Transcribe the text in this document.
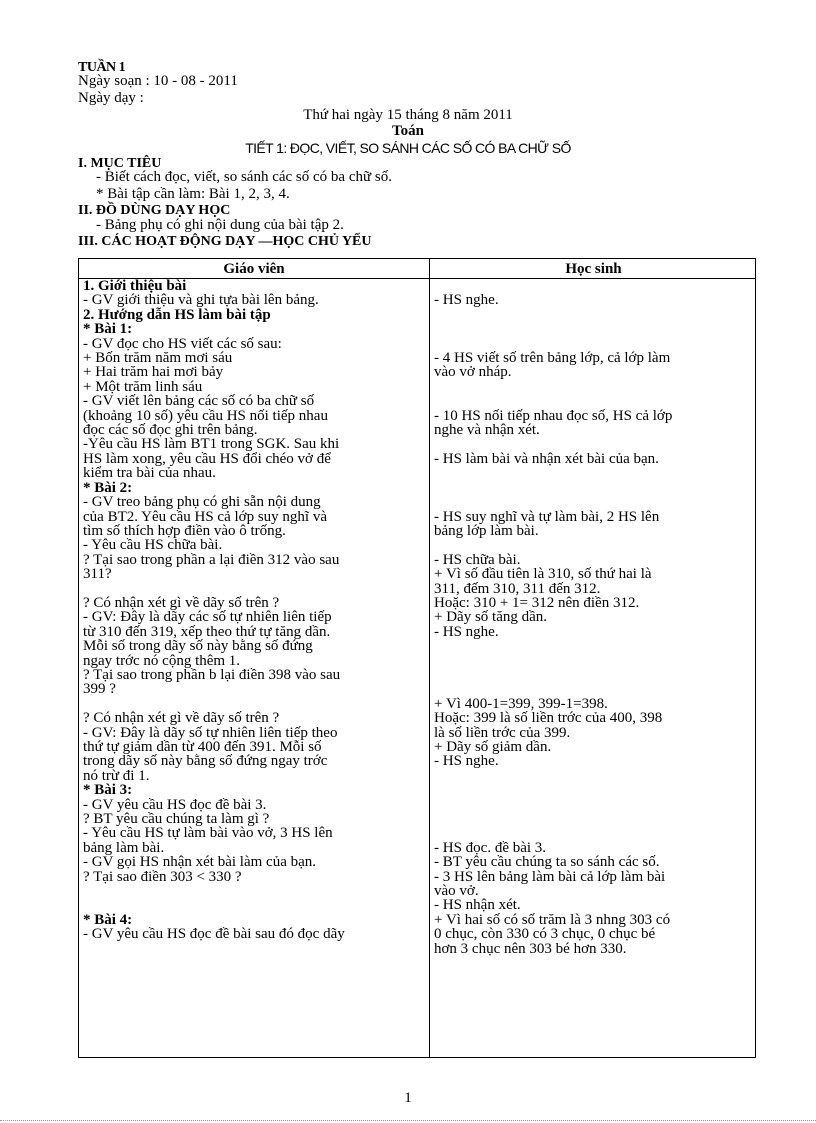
TUẦN 1
Ngày soạn : 10 - 08 - 2011
Ngày dạy :
Thứ hai ngày 15 tháng 8 năm 2011
Toán
TIẾT 1: ĐỌC, VIẾT, SO SÁNH CÁC SỐ CÓ BA CHỮ SỐ
I. MỤC TIÊU
- Biết cách đọc, viết, so sánh các số có ba chữ số.
* Bài tập cần làm: Bài 1, 2, 3, 4.
II. ĐỒ DÙNG DẠY HỌC
- Bảng phụ có ghi nội dung của bài tập 2.
III. CÁC HOẠT ĐỘNG DẠY —HỌC CHỦ YẾU
Giáo viên	Học sinh
1. Giới thiệu bài
- GV giới thiệu và ghi tựa bài lên bảng.
2. Hướng dẫn HS làm bài tập
* Bài 1:
- GV đọc cho HS viết các số sau:
+ Bốn trăm năm mơi sáu
+ Hai trăm hai mơi bảy
+ Một trăm linh sáu
- GV viết lên bảng các số có ba chữ số
(khoảng 10 số) yêu cầu HS nối tiếp nhau
đọc các số đọc ghi trên bảng.
-Yêu cầu HS làm BT1 trong SGK. Sau khi
HS làm xong, yêu cầu HS đổi chéo vở để
kiểm tra bài của nhau.
* Bài 2:
- GV treo bảng phụ có ghi sẵn nội dung
của BT2. Yêu cầu HS cả lớp suy nghĩ và
tìm số thích hợp điền vào ô trống.
- Yêu cầu HS chữa bài.
? Tại sao trong phần a lại điền 312 vào sau
311?

? Có nhận xét gì về dãy số trên ?
- GV: Đây là dãy các số tự nhiên liên tiếp
từ 310 đến 319, xếp theo thứ tự tăng dần.
Mỗi số trong dãy số này bằng số đứng
ngay trớc nó cộng thêm 1.
? Tại sao trong phần b lại điền 398 vào sau
399 ?

? Có nhận xét gì về dãy số trên ?
- GV: Đây là dãy số tự nhiên liên tiếp theo
thứ tự giảm dần từ 400 đến 391. Mỗi số
trong dãy số này bằng số đứng ngay trớc
nó trừ đi 1.
* Bài 3:
- GV yêu cầu HS đọc đề bài 3.
? BT yêu cầu chúng ta làm gì ?
- Yêu cầu HS tự làm bài vào vở, 3 HS lên
bảng làm bài.
- GV gọi HS nhận xét bài làm của bạn.
? Tại sao điền 303 < 330 ?

* Bài 4:
- GV yêu cầu HS đọc đề bài sau đó đọc dãy

- HS nghe.

- 4 HS viết số trên bảng lớp, cả lớp làm
vào vở nháp.

- 10 HS nối tiếp nhau đọc số, HS cả lớp
nghe và nhận xét.

- HS làm bài và nhận xét bài của bạn.

- HS suy nghĩ và tự làm bài, 2 HS lên
bảng lớp làm bài.

- HS chữa bài.
+ Vì số đầu tiên là 310, số thứ hai là
311, đếm 310, 311 đến 312.
Hoặc: 310 + 1= 312 nên điền 312.
+ Dãy số tăng dần.
- HS nghe.

+ Vì 400-1=399, 399-1=398.
Hoặc: 399 là số liền trớc của 400, 398
là số liền trớc của 399.
+ Dãy số giảm dần.
- HS nghe.

- HS đọc. đề bài 3.
- BT yêu cầu chúng ta so sánh các số.
- 3 HS lên bảng làm bài cả lớp làm bài
vào vở.
- HS nhận xét.
+ Vì hai số có số trăm là 3 nhng 303 có
0 chục, còn 330 có 3 chục, 0 chục bé
hơn 3 chục nên 303 bé hơn 330.
1
